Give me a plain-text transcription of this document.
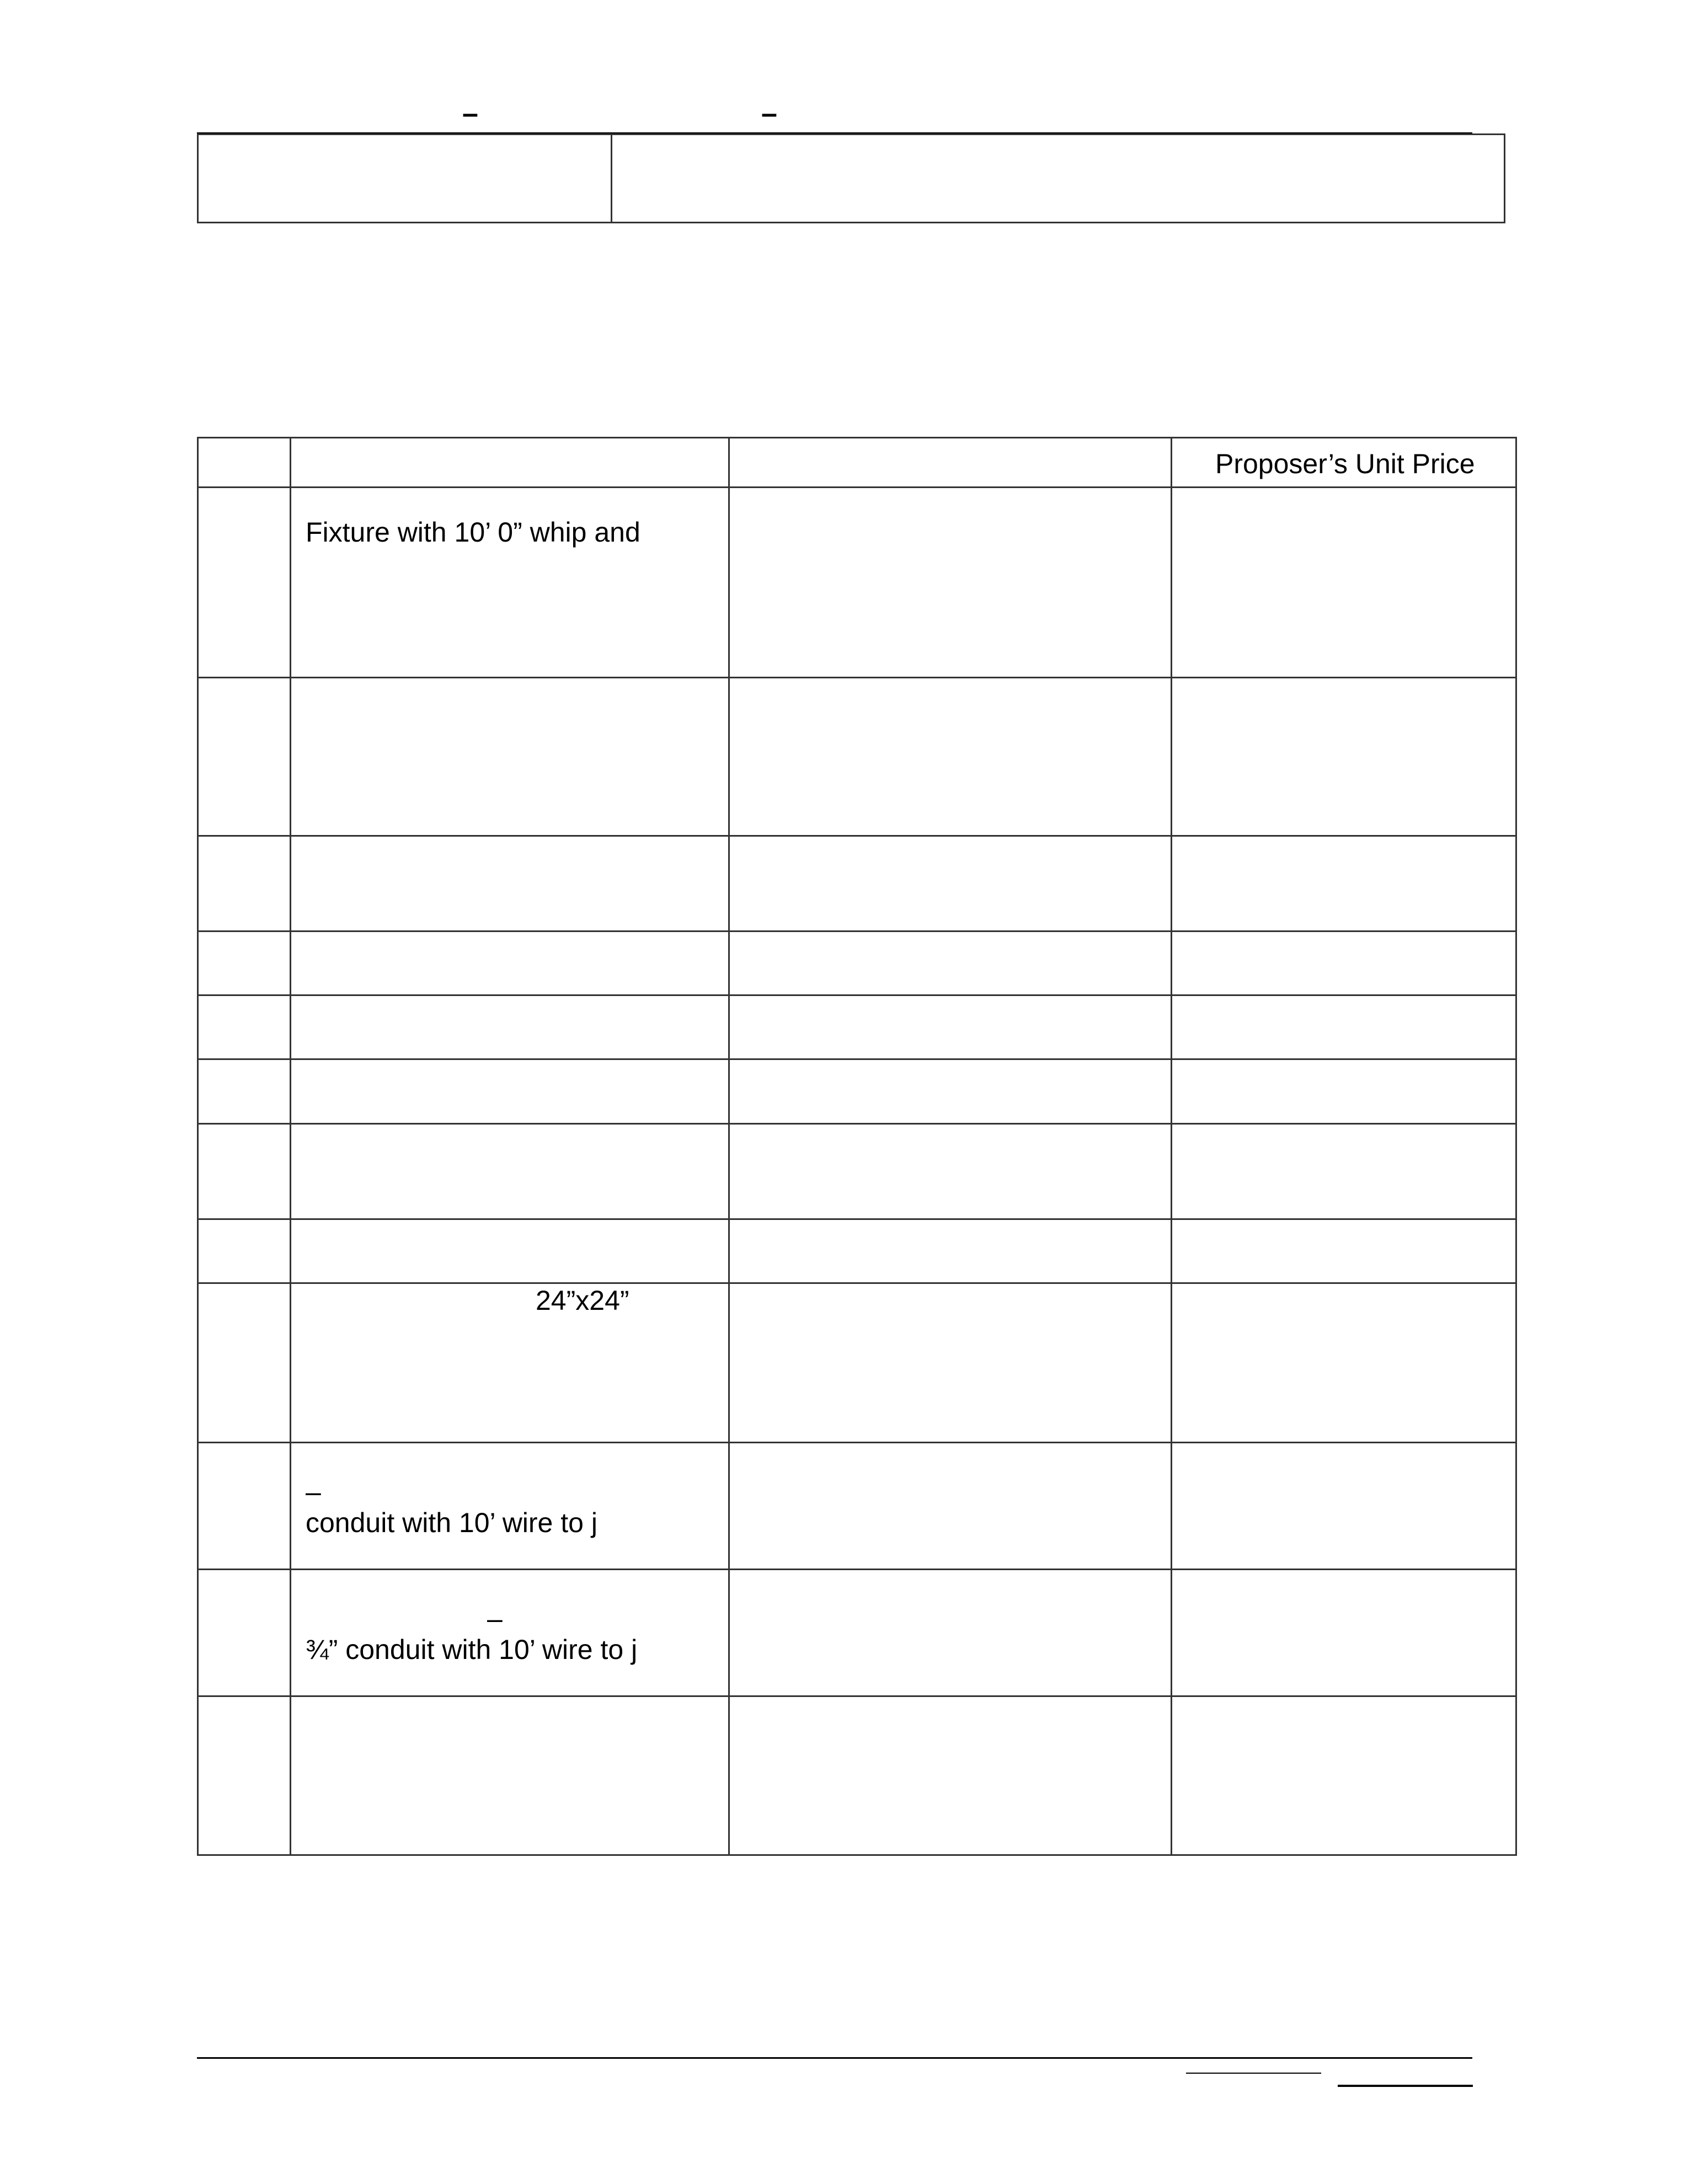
–	–

			Proposer’s Unit Price

	Fixture with 10’ 0” whip and		

	24”x24”		

	–
conduit with 10’ wire to j		

	–
¾” conduit with 10’ wire to j		
